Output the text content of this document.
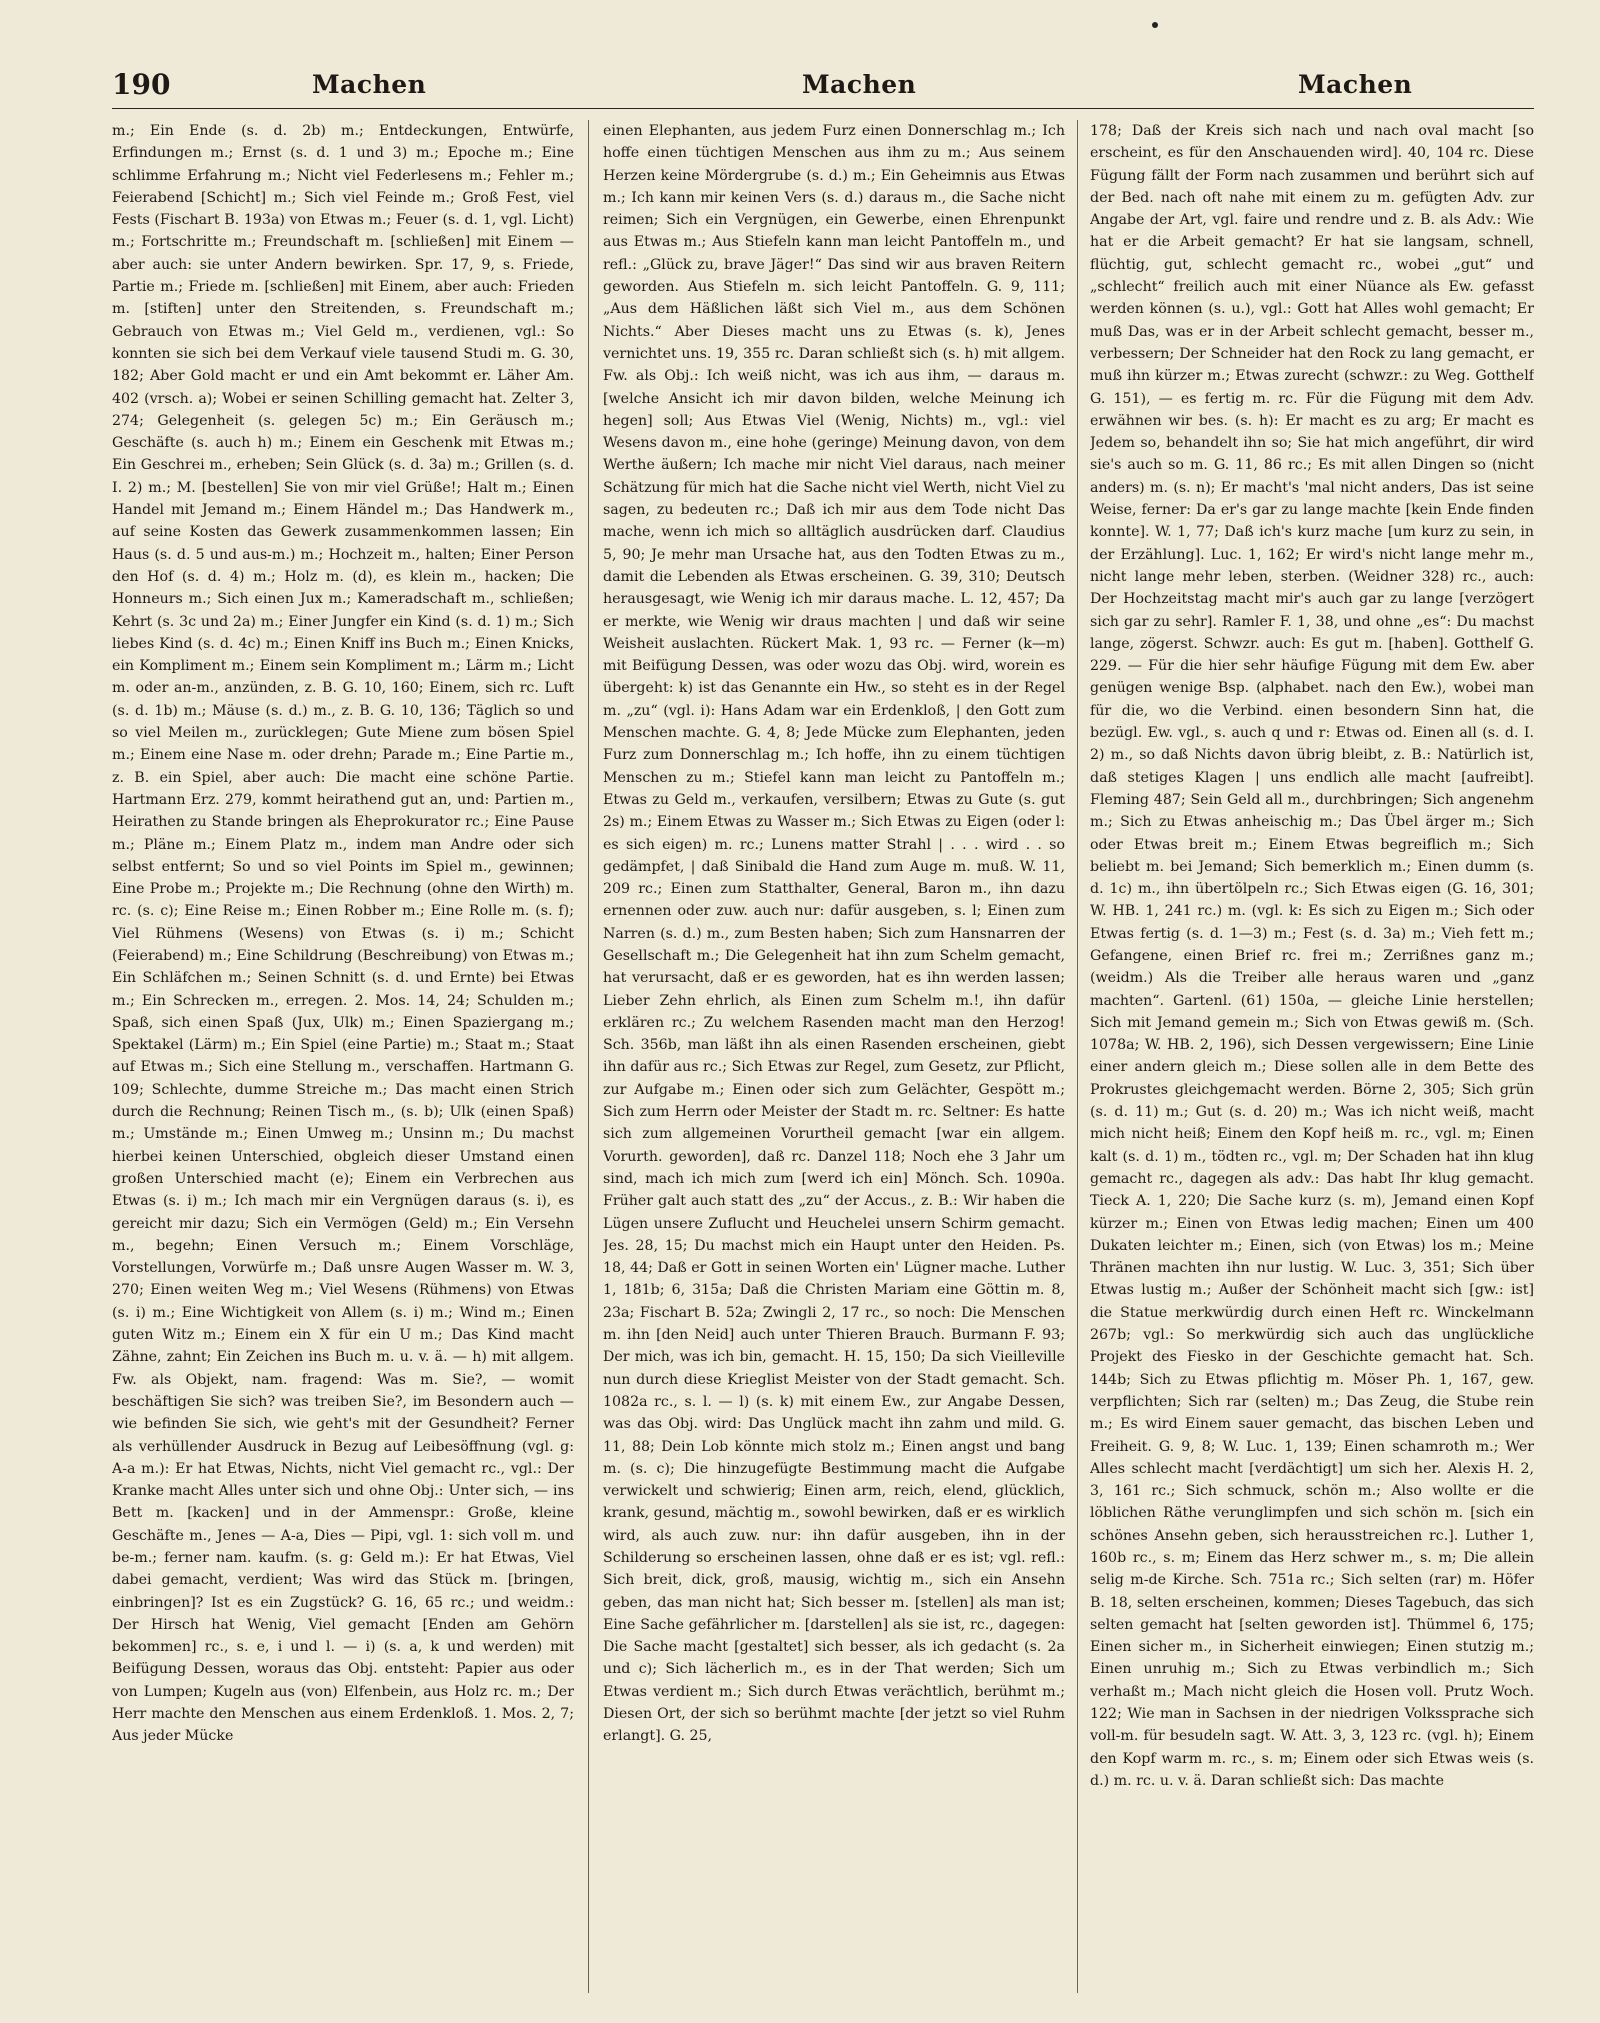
190	Machen	Machen	Machen
m.; Ein Ende (s. d. 2b) m.; Entdeckungen, Entwürfe, Erfindungen m.; Ernst (s. d. 1 und 3) m.; Epoche m.; Eine schlimme Erfahrung m.; Nicht viel Federlesens m.; Fehler m.; Feierabend [Schicht] m.; Sich viel Feinde m.; Groß Fest, viel Fests (Fischart B. 193a) von Etwas m.; Feuer (s. d. 1, vgl. Licht) m.; Fortschritte m.; Freundschaft m. [schließen] mit Einem — aber auch: sie unter Andern bewirken. Spr. 17, 9, s. Friede, Partie m.; Friede m. [schließen] mit Einem, aber auch: Frieden m. [stiften] unter den Streitenden, s. Freundschaft m.; Gebrauch von Etwas m.; Viel Geld m., verdienen, vgl.: So konnten sie sich bei dem Verkauf viele tausend Studi m. G. 30, 182; Aber Gold macht er und ein Amt bekommt er. Läher Am. 402 (vrsch. a); Wobei er seinen Schilling gemacht hat. Zelter 3, 274; Gelegenheit (s. gelegen 5c) m.; Ein Geräusch m.; Geschäfte (s. auch h) m.; Einem ein Geschenk mit Etwas m.; Ein Geschrei m., erheben; Sein Glück (s. d. 3a) m.; Grillen (s. d. I. 2) m.; M. [bestellen] Sie von mir viel Grüße!; Halt m.; Einen Handel mit Jemand m.; Einem Händel m.; Das Handwerk m., auf seine Kosten das Gewerk zusammenkommen lassen; Ein Haus (s. d. 5 und aus-m.) m.; Hochzeit m., halten; Einer Person den Hof (s. d. 4) m.; Holz m. (d), es klein m., hacken; Die Honneurs m.; Sich einen Jux m.; Kameradschaft m., schließen; Kehrt (s. 3c und 2a) m.; Einer Jungfer ein Kind (s. d. 1) m.; Sich liebes Kind (s. d. 4c) m.; Einen Kniff ins Buch m.; Einen Knicks, ein Kompliment m.; Einem sein Kompliment m.; Lärm m.; Licht m. oder an-m., anzünden, z. B. G. 10, 160; Einem, sich rc. Luft (s. d. 1b) m.; Mäuse (s. d.) m., z. B. G. 10, 136; Täglich so und so viel Meilen m., zurücklegen; Gute Miene zum bösen Spiel m.; Einem eine Nase m. oder drehn; Parade m.; Eine Partie m., z. B. ein Spiel, aber auch: Die macht eine schöne Partie. Hartmann Erz. 279, kommt heirathend gut an, und: Partien m., Heirathen zu Stande bringen als Eheprokurator rc.; Eine Pause m.; Pläne m.; Einem Platz m., indem man Andre oder sich selbst entfernt; So und so viel Points im Spiel m., gewinnen; Eine Probe m.; Projekte m.; Die Rechnung (ohne den Wirth) m. rc. (s. c); Eine Reise m.; Einen Robber m.; Eine Rolle m. (s. f); Viel Rühmens (Wesens) von Etwas (s. i) m.; Schicht (Feierabend) m.; Eine Schildrung (Beschreibung) von Etwas m.; Ein Schläfchen m.; Seinen Schnitt (s. d. und Ernte) bei Etwas m.; Ein Schrecken m., erregen. 2. Mos. 14, 24; Schulden m.; Spaß, sich einen Spaß (Jux, Ulk) m.; Einen Spaziergang m.; Spektakel (Lärm) m.; Ein Spiel (eine Partie) m.; Staat m.; Staat auf Etwas m.; Sich eine Stellung m., verschaffen. Hartmann G. 109; Schlechte, dumme Streiche m.; Das macht einen Strich durch die Rechnung; Reinen Tisch m., (s. b); Ulk (einen Spaß) m.; Umstände m.; Einen Umweg m.; Unsinn m.; Du machst hierbei keinen Unterschied, obgleich dieser Umstand einen großen Unterschied macht (e); Einem ein Verbrechen aus Etwas (s. i) m.; Ich mach mir ein Vergnügen daraus (s. i), es gereicht mir dazu; Sich ein Vermögen (Geld) m.; Ein Versehn m., begehn; Einen Versuch m.; Einem Vorschläge, Vorstellungen, Vorwürfe m.; Daß unsre Augen Wasser m. W. 3, 270; Einen weiten Weg m.; Viel Wesens (Rühmens) von Etwas (s. i) m.; Eine Wichtigkeit von Allem (s. i) m.; Wind m.; Einen guten Witz m.; Einem ein X für ein U m.; Das Kind macht Zähne, zahnt; Ein Zeichen ins Buch m. u. v. ä. — h) mit allgem. Fw. als Objekt, nam. fragend: Was m. Sie?, — womit beschäftigen Sie sich? was treiben Sie?, im Besondern auch — wie befinden Sie sich, wie geht's mit der Gesundheit? Ferner als verhüllender Ausdruck in Bezug auf Leibesöffnung (vgl. g: A-a m.): Er hat Etwas, Nichts, nicht Viel gemacht rc., vgl.: Der Kranke macht Alles unter sich und ohne Obj.: Unter sich, — ins Bett m. [kacken] und in der Ammenspr.: Große, kleine Geschäfte m., Jenes — A-a, Dies — Pipi, vgl. 1: sich voll m. und be-m.; ferner nam. kaufm. (s. g: Geld m.): Er hat Etwas, Viel dabei gemacht, verdient; Was wird das Stück m. [bringen, einbringen]? Ist es ein Zugstück? G. 16, 65 rc.; und weidm.: Der Hirsch hat Wenig, Viel gemacht [Enden am Gehörn bekommen] rc., s. e, i und l. — i) (s. a, k und werden) mit Beifügung Dessen, woraus das Obj. entsteht: Papier aus oder von Lumpen; Kugeln aus (von) Elfenbein, aus Holz rc. m.; Der Herr machte den Menschen aus einem Erdenkloß. 1. Mos. 2, 7; Aus jeder Mücke
einen Elephanten, aus jedem Furz einen Donnerschlag m.; Ich hoffe einen tüchtigen Menschen aus ihm zu m.; Aus seinem Herzen keine Mördergrube (s. d.) m.; Ein Geheimnis aus Etwas m.; Ich kann mir keinen Vers (s. d.) daraus m., die Sache nicht reimen; Sich ein Vergnügen, ein Gewerbe, einen Ehrenpunkt aus Etwas m.; Aus Stiefeln kann man leicht Pantoffeln m., und refl.: „Glück zu, brave Jäger!“ Das sind wir aus braven Reitern geworden. Aus Stiefeln m. sich leicht Pantoffeln. G. 9, 111; „Aus dem Häßlichen läßt sich Viel m., aus dem Schönen Nichts.“ Aber Dieses macht uns zu Etwas (s. k), Jenes vernichtet uns. 19, 355 rc. Daran schließt sich (s. h) mit allgem. Fw. als Obj.: Ich weiß nicht, was ich aus ihm, — daraus m. [welche Ansicht ich mir davon bilden, welche Meinung ich hegen] soll; Aus Etwas Viel (Wenig, Nichts) m., vgl.: viel Wesens davon m., eine hohe (geringe) Meinung davon, von dem Werthe äußern; Ich mache mir nicht Viel daraus, nach meiner Schätzung für mich hat die Sache nicht viel Werth, nicht Viel zu sagen, zu bedeuten rc.; Daß ich mir aus dem Tode nicht Das mache, wenn ich mich so alltäglich ausdrücken darf. Claudius 5, 90; Je mehr man Ursache hat, aus den Todten Etwas zu m., damit die Lebenden als Etwas erscheinen. G. 39, 310; Deutsch herausgesagt, wie Wenig ich mir daraus mache. L. 12, 457; Da er merkte, wie Wenig wir draus machten | und daß wir seine Weisheit auslachten. Rückert Mak. 1, 93 rc. — Ferner (k—m) mit Beifügung Dessen, was oder wozu das Obj. wird, worein es übergeht: k) ist das Genannte ein Hw., so steht es in der Regel m. „zu“ (vgl. i): Hans Adam war ein Erdenkloß, | den Gott zum Menschen machte. G. 4, 8; Jede Mücke zum Elephanten, jeden Furz zum Donnerschlag m.; Ich hoffe, ihn zu einem tüchtigen Menschen zu m.; Stiefel kann man leicht zu Pantoffeln m.; Etwas zu Geld m., verkaufen, versilbern; Etwas zu Gute (s. gut 2s) m.; Einem Etwas zu Wasser m.; Sich Etwas zu Eigen (oder l: es sich eigen) m. rc.; Lunens matter Strahl | . . . wird . . so gedämpfet, | daß Sinibald die Hand zum Auge m. muß. W. 11, 209 rc.; Einen zum Statthalter, General, Baron m., ihn dazu ernennen oder zuw. auch nur: dafür ausgeben, s. l; Einen zum Narren (s. d.) m., zum Besten haben; Sich zum Hansnarren der Gesellschaft m.; Die Gelegenheit hat ihn zum Schelm gemacht, hat verursacht, daß er es geworden, hat es ihn werden lassen; Lieber Zehn ehrlich, als Einen zum Schelm m.!, ihn dafür erklären rc.; Zu welchem Rasenden macht man den Herzog! Sch. 356b, man läßt ihn als einen Rasenden erscheinen, giebt ihn dafür aus rc.; Sich Etwas zur Regel, zum Gesetz, zur Pflicht, zur Aufgabe m.; Einen oder sich zum Gelächter, Gespött m.; Sich zum Herrn oder Meister der Stadt m. rc. Seltner: Es hatte sich zum allgemeinen Vorurtheil gemacht [war ein allgem. Vorurth. geworden], daß rc. Danzel 118; Noch ehe 3 Jahr um sind, mach ich mich zum [werd ich ein] Mönch. Sch. 1090a. Früher galt auch statt des „zu“ der Accus., z. B.: Wir haben die Lügen unsere Zuflucht und Heuchelei unsern Schirm gemacht. Jes. 28, 15; Du machst mich ein Haupt unter den Heiden. Ps. 18, 44; Daß er Gott in seinen Worten ein' Lügner mache. Luther 1, 181b; 6, 315a; Daß die Christen Mariam eine Göttin m. 8, 23a; Fischart B. 52a; Zwingli 2, 17 rc., so noch: Die Menschen m. ihn [den Neid] auch unter Thieren Brauch. Burmann F. 93; Der mich, was ich bin, gemacht. H. 15, 150; Da sich Vieilleville nun durch diese Krieglist Meister von der Stadt gemacht. Sch. 1082a rc., s. l. — l) (s. k) mit einem Ew., zur Angabe Dessen, was das Obj. wird: Das Unglück macht ihn zahm und mild. G. 11, 88; Dein Lob könnte mich stolz m.; Einen angst und bang m. (s. c); Die hinzugefügte Bestimmung macht die Aufgabe verwickelt und schwierig; Einen arm, reich, elend, glücklich, krank, gesund, mächtig m., sowohl bewirken, daß er es wirklich wird, als auch zuw. nur: ihn dafür ausgeben, ihn in der Schilderung so erscheinen lassen, ohne daß er es ist; vgl. refl.: Sich breit, dick, groß, mausig, wichtig m., sich ein Ansehn geben, das man nicht hat; Sich besser m. [stellen] als man ist; Eine Sache gefährlicher m. [darstellen] als sie ist, rc., dagegen: Die Sache macht [gestaltet] sich besser, als ich gedacht (s. 2a und c); Sich lächerlich m., es in der That werden; Sich um Etwas verdient m.; Sich durch Etwas verächtlich, berühmt m.; Diesen Ort, der sich so berühmt machte [der jetzt so viel Ruhm erlangt]. G. 25,
178; Daß der Kreis sich nach und nach oval macht [so erscheint, es für den Anschauenden wird]. 40, 104 rc. Diese Fügung fällt der Form nach zusammen und berührt sich auf der Bed. nach oft nahe mit einem zu m. gefügten Adv. zur Angabe der Art, vgl. faire und rendre und z. B. als Adv.: Wie hat er die Arbeit gemacht? Er hat sie langsam, schnell, flüchtig, gut, schlecht gemacht rc., wobei „gut“ und „schlecht“ freilich auch mit einer Nüance als Ew. gefasst werden können (s. u.), vgl.: Gott hat Alles wohl gemacht; Er muß Das, was er in der Arbeit schlecht gemacht, besser m., verbessern; Der Schneider hat den Rock zu lang gemacht, er muß ihn kürzer m.; Etwas zurecht (schwzr.: zu Weg. Gotthelf G. 151), — es fertig m. rc. Für die Fügung mit dem Adv. erwähnen wir bes. (s. h): Er macht es zu arg; Er macht es Jedem so, behandelt ihn so; Sie hat mich angeführt, dir wird sie's auch so m. G. 11, 86 rc.; Es mit allen Dingen so (nicht anders) m. (s. n); Er macht's 'mal nicht anders, Das ist seine Weise, ferner: Da er's gar zu lange machte [kein Ende finden konnte]. W. 1, 77; Daß ich's kurz mache [um kurz zu sein, in der Erzählung]. Luc. 1, 162; Er wird's nicht lange mehr m., nicht lange mehr leben, sterben. (Weidner 328) rc., auch: Der Hochzeitstag macht mir's auch gar zu lange [verzögert sich gar zu sehr]. Ramler F. 1, 38, und ohne „es“: Du machst lange, zögerst. Schwzr. auch: Es gut m. [haben]. Gotthelf G. 229. — Für die hier sehr häufige Fügung mit dem Ew. aber genügen wenige Bsp. (alphabet. nach den Ew.), wobei man für die, wo die Verbind. einen besondern Sinn hat, die bezügl. Ew. vgl., s. auch q und r: Etwas od. Einen all (s. d. I. 2) m., so daß Nichts davon übrig bleibt, z. B.: Natürlich ist, daß stetiges Klagen | uns endlich alle macht [aufreibt]. Fleming 487; Sein Geld all m., durchbringen; Sich angenehm m.; Sich zu Etwas anheischig m.; Das Übel ärger m.; Sich oder Etwas breit m.; Einem Etwas begreiflich m.; Sich beliebt m. bei Jemand; Sich bemerklich m.; Einen dumm (s. d. 1c) m., ihn übertölpeln rc.; Sich Etwas eigen (G. 16, 301; W. HB. 1, 241 rc.) m. (vgl. k: Es sich zu Eigen m.; Sich oder Etwas fertig (s. d. 1—3) m.; Fest (s. d. 3a) m.; Vieh fett m.; Gefangene, einen Brief rc. frei m.; Zerrißnes ganz m.; (weidm.) Als die Treiber alle heraus waren und „ganz machten“. Gartenl. (61) 150a, — gleiche Linie herstellen; Sich mit Jemand gemein m.; Sich von Etwas gewiß m. (Sch. 1078a; W. HB. 2, 196), sich Dessen vergewissern; Eine Linie einer andern gleich m.; Diese sollen alle in dem Bette des Prokrustes gleichgemacht werden. Börne 2, 305; Sich grün (s. d. 11) m.; Gut (s. d. 20) m.; Was ich nicht weiß, macht mich nicht heiß; Einem den Kopf heiß m. rc., vgl. m; Einen kalt (s. d. 1) m., tödten rc., vgl. m; Der Schaden hat ihn klug gemacht rc., dagegen als adv.: Das habt Ihr klug gemacht. Tieck A. 1, 220; Die Sache kurz (s. m), Jemand einen Kopf kürzer m.; Einen von Etwas ledig machen; Einen um 400 Dukaten leichter m.; Einen, sich (von Etwas) los m.; Meine Thränen machten ihn nur lustig. W. Luc. 3, 351; Sich über Etwas lustig m.; Außer der Schönheit macht sich [gw.: ist] die Statue merkwürdig durch einen Heft rc. Winckelmann 267b; vgl.: So merkwürdig sich auch das unglückliche Projekt des Fiesko in der Geschichte gemacht hat. Sch. 144b; Sich zu Etwas pflichtig m. Möser Ph. 1, 167, gew. verpflichten; Sich rar (selten) m.; Das Zeug, die Stube rein m.; Es wird Einem sauer gemacht, das bischen Leben und Freiheit. G. 9, 8; W. Luc. 1, 139; Einen schamroth m.; Wer Alles schlecht macht [verdächtigt] um sich her. Alexis H. 2, 3, 161 rc.; Sich schmuck, schön m.; Also wollte er die löblichen Räthe verunglimpfen und sich schön m. [sich ein schönes Ansehn geben, sich herausstreichen rc.]. Luther 1, 160b rc., s. m; Einem das Herz schwer m., s. m; Die allein selig m-de Kirche. Sch. 751a rc.; Sich selten (rar) m. Höfer B. 18, selten erscheinen, kommen; Dieses Tagebuch, das sich selten gemacht hat [selten geworden ist]. Thümmel 6, 175; Einen sicher m., in Sicherheit einwiegen; Einen stutzig m.; Einen unruhig m.; Sich zu Etwas verbindlich m.; Sich verhaßt m.; Mach nicht gleich die Hosen voll. Prutz Woch. 122; Wie man in Sachsen in der niedrigen Volkssprache sich voll-m. für besudeln sagt. W. Att. 3, 3, 123 rc. (vgl. h); Einem den Kopf warm m. rc., s. m; Einem oder sich Etwas weis (s. d.) m. rc. u. v. ä. Daran schließt sich: Das machte
